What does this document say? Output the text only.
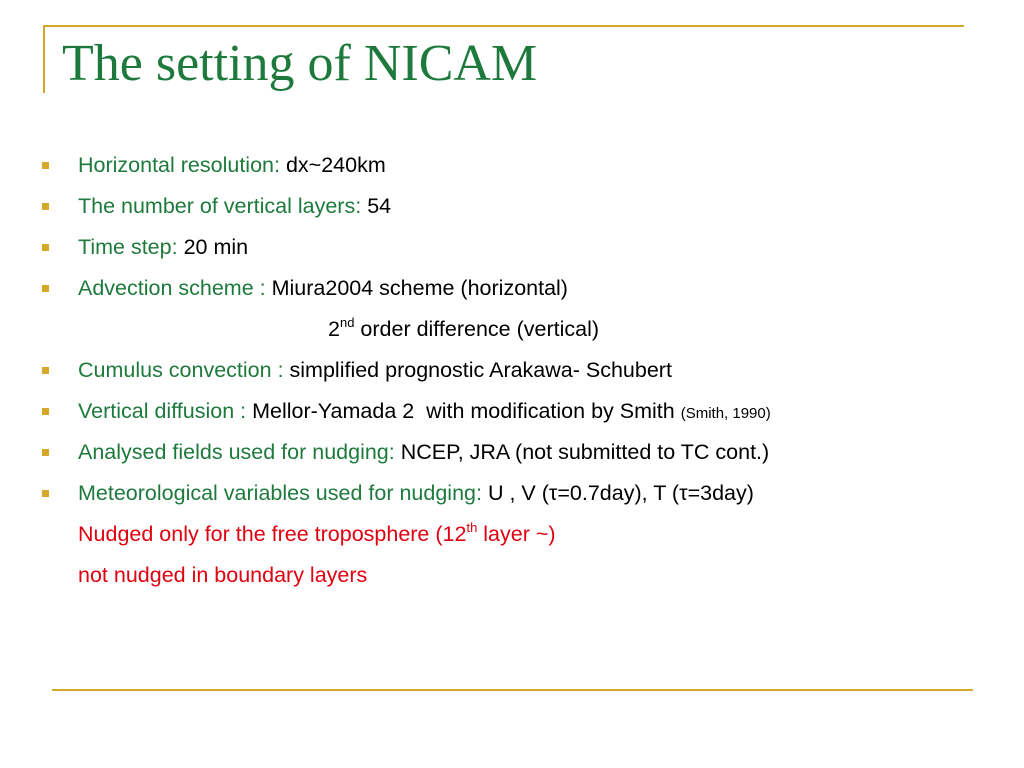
The setting of NICAM
Horizontal resolution: dx~240km
The number of vertical layers: 54
Time step: 20 min
Advection scheme : Miura2004 scheme (horizontal)
2nd order difference (vertical)
Cumulus convection : simplified prognostic Arakawa- Schubert
Vertical diffusion : Mellor-Yamada 2  with modification by Smith (Smith, 1990)
Analysed fields used for nudging: NCEP, JRA (not submitted to TC cont.)
Meteorological variables used for nudging: U , V (τ=0.7day), T (τ=3day)
Nudged only for the free troposphere (12th layer ~)
not nudged in boundary layers
